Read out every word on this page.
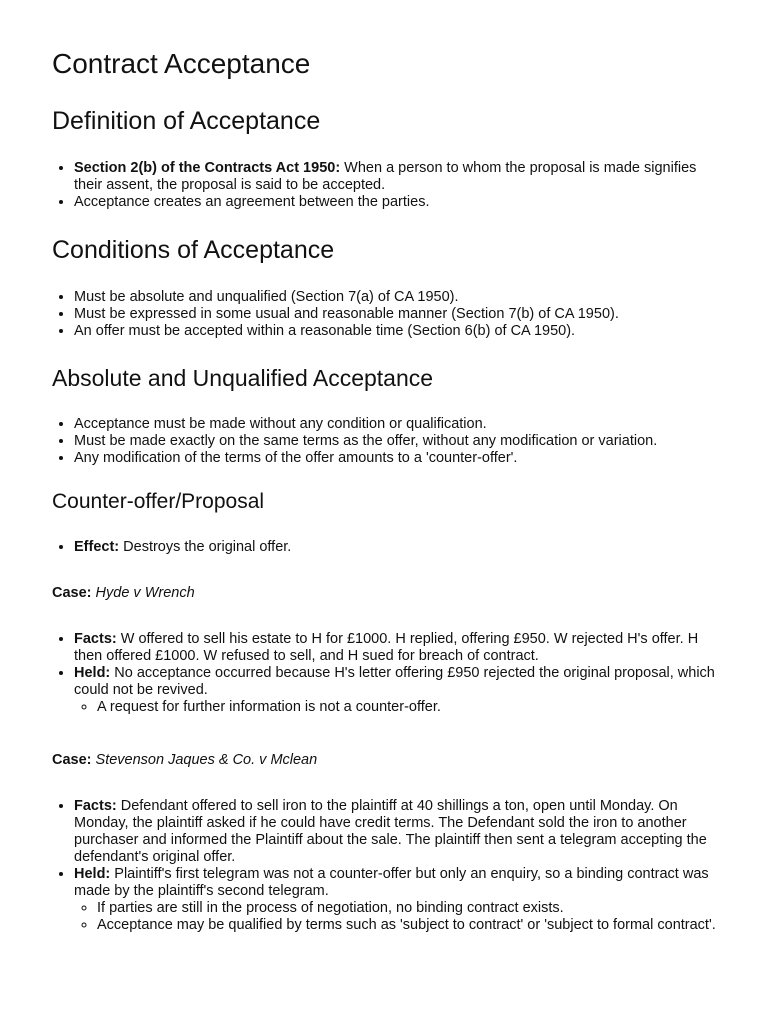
Contract Acceptance
Definition of Acceptance
• Section 2(b) of the Contracts Act 1950: When a person to whom the proposal is made signifies their assent, the proposal is said to be accepted.
• Acceptance creates an agreement between the parties.
Conditions of Acceptance
• Must be absolute and unqualified (Section 7(a) of CA 1950).
• Must be expressed in some usual and reasonable manner (Section 7(b) of CA 1950).
• An offer must be accepted within a reasonable time (Section 6(b) of CA 1950).
Absolute and Unqualified Acceptance
• Acceptance must be made without any condition or qualification.
• Must be made exactly on the same terms as the offer, without any modification or variation.
• Any modification of the terms of the offer amounts to a 'counter-offer'.
Counter-offer/Proposal
• Effect: Destroys the original offer.
Case: Hyde v Wrench
• Facts: W offered to sell his estate to H for £1000. H replied, offering £950. W rejected H's offer. H then offered £1000. W refused to sell, and H sued for breach of contract.
• Held: No acceptance occurred because H's letter offering £950 rejected the original proposal, which could not be revived.
◦ A request for further information is not a counter-offer.
Case: Stevenson Jaques & Co. v Mclean
• Facts: Defendant offered to sell iron to the plaintiff at 40 shillings a ton, open until Monday. On Monday, the plaintiff asked if he could have credit terms. The Defendant sold the iron to another purchaser and informed the Plaintiff about the sale. The plaintiff then sent a telegram accepting the defendant's original offer.
• Held: Plaintiff's first telegram was not a counter-offer but only an enquiry, so a binding contract was made by the plaintiff's second telegram.
◦ If parties are still in the process of negotiation, no binding contract exists.
◦ Acceptance may be qualified by terms such as 'subject to contract' or 'subject to formal contract'.
